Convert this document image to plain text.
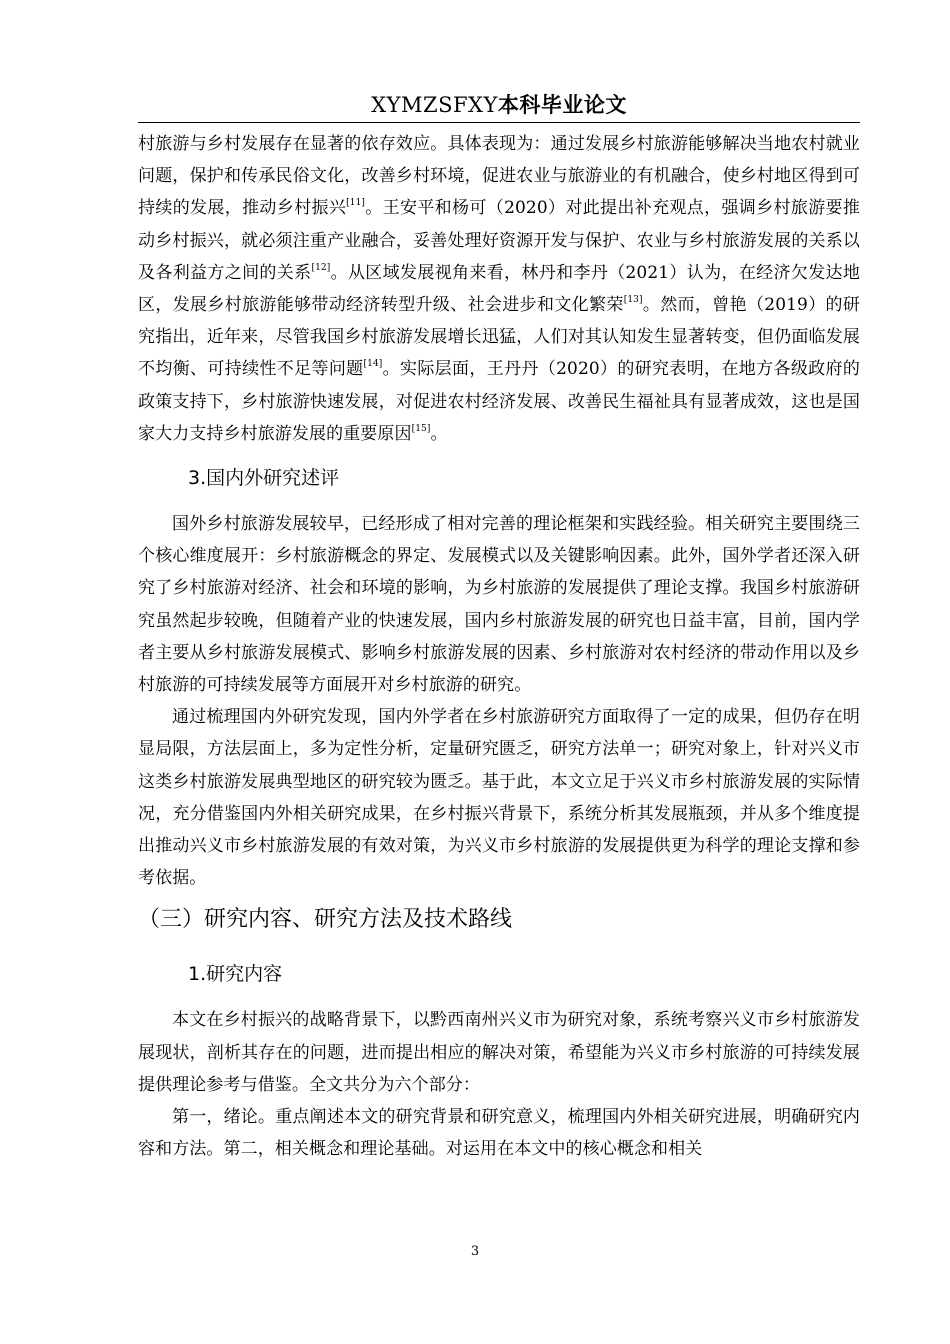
XYMZSFXY本科毕业论文

村旅游与乡村发展存在显著的依存效应。具体表现为：通过发展乡村旅游能够解决当地农村就业问题，保护和传承民俗文化，改善乡村环境，促进农业与旅游业的有机融合，使乡村地区得到可持续的发展，推动乡村振兴[11]。王安平和杨可（2020）对此提出补充观点，强调乡村旅游要推动乡村振兴，就必须注重产业融合，妥善处理好资源开发与保护、农业与乡村旅游发展的关系以及各利益方之间的关系[12]。从区域发展视角来看，林丹和李丹（2021）认为，在经济欠发达地区，发展乡村旅游能够带动经济转型升级、社会进步和文化繁荣[13]。然而，曾艳（2019）的研究指出，近年来，尽管我国乡村旅游发展增长迅猛，人们对其认知发生显著转变，但仍面临发展不均衡、可持续性不足等问题[14]。实际层面，王丹丹（2020）的研究表明，在地方各级政府的政策支持下，乡村旅游快速发展，对促进农村经济发展、改善民生福祉具有显著成效，这也是国家大力支持乡村旅游发展的重要原因[15]。

3.国内外研究述评

国外乡村旅游发展较早，已经形成了相对完善的理论框架和实践经验。相关研究主要围绕三个核心维度展开：乡村旅游概念的界定、发展模式以及关键影响因素。此外，国外学者还深入研究了乡村旅游对经济、社会和环境的影响，为乡村旅游的发展提供了理论支撑。我国乡村旅游研究虽然起步较晚，但随着产业的快速发展，国内乡村旅游发展的研究也日益丰富，目前，国内学者主要从乡村旅游发展模式、影响乡村旅游发展的因素、乡村旅游对农村经济的带动作用以及乡村旅游的可持续发展等方面展开对乡村旅游的研究。

通过梳理国内外研究发现，国内外学者在乡村旅游研究方面取得了一定的成果，但仍存在明显局限，方法层面上，多为定性分析，定量研究匮乏，研究方法单一；研究对象上，针对兴义市这类乡村旅游发展典型地区的研究较为匮乏。基于此，本文立足于兴义市乡村旅游发展的实际情况，充分借鉴国内外相关研究成果，在乡村振兴背景下，系统分析其发展瓶颈，并从多个维度提出推动兴义市乡村旅游发展的有效对策，为兴义市乡村旅游的发展提供更为科学的理论支撑和参考依据。

（三）研究内容、研究方法及技术路线
1.研究内容

本文在乡村振兴的战略背景下，以黔西南州兴义市为研究对象，系统考察兴义市乡村旅游发展现状，剖析其存在的问题，进而提出相应的解决对策，希望能为兴义市乡村旅游的可持续发展提供理论参考与借鉴。全文共分为六个部分：

第一，绪论。重点阐述本文的研究背景和研究意义，梳理国内外相关研究进展，明确研究内容和方法。第二，相关概念和理论基础。对运用在本文中的核心概念和相关

3
